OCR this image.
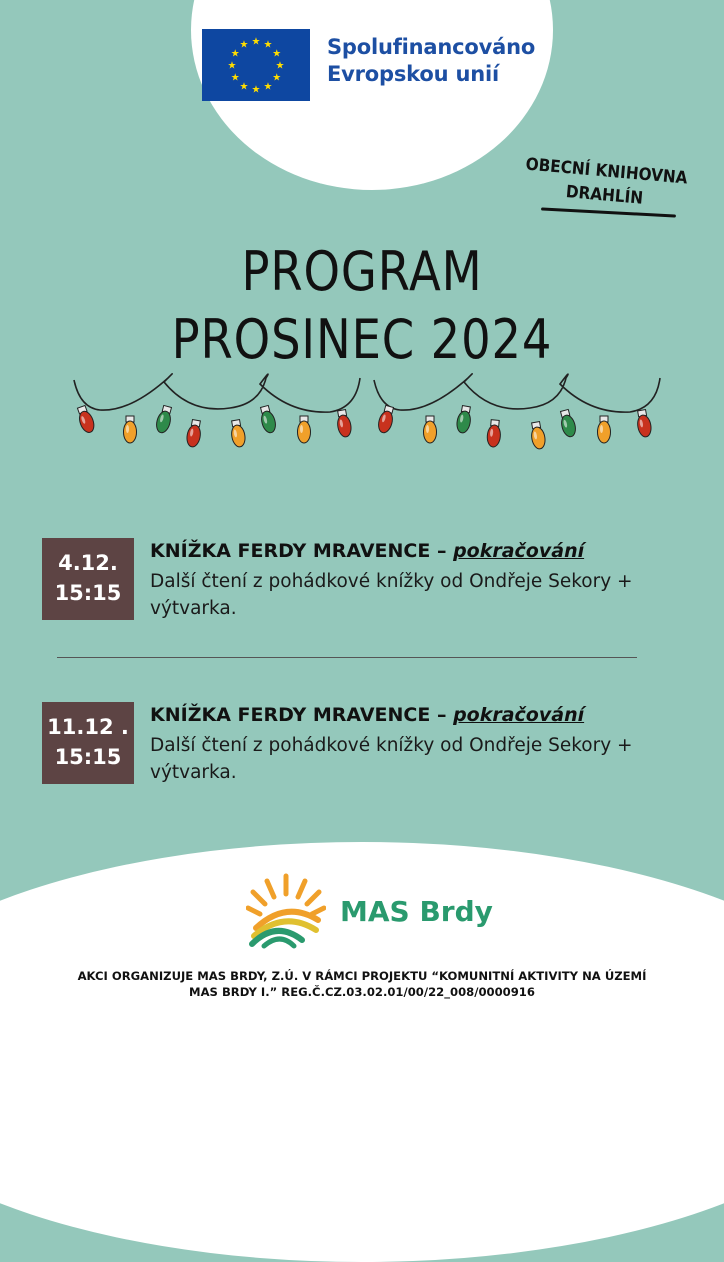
★ ★
★
★
★
★
★
★
★
★
★
★	Spolufinancováno
Evropskou unií
OBECNÍ KNIHOVNA
DRAHLÍN
PROGRAM
PROSINEC 2024
4.12.
15:15
KNÍŽKA FERDY MRAVENCE – pokračování
Další čtení z pohádkové knížky od Ondřeje Sekory +
výtvarka.
11.12 .
15:15
KNÍŽKA FERDY MRAVENCE – pokračování
Další čtení z pohádkové knížky od Ondřeje Sekory +
výtvarka.
MAS Brdy
AKCI ORGANIZUJE MAS BRDY, Z.Ú. V RÁMCI PROJEKTU “KOMUNITNÍ AKTIVITY NA ÚZEMÍ
MAS BRDY I.” REG.Č.CZ.03.02.01/00/22_008/0000916
